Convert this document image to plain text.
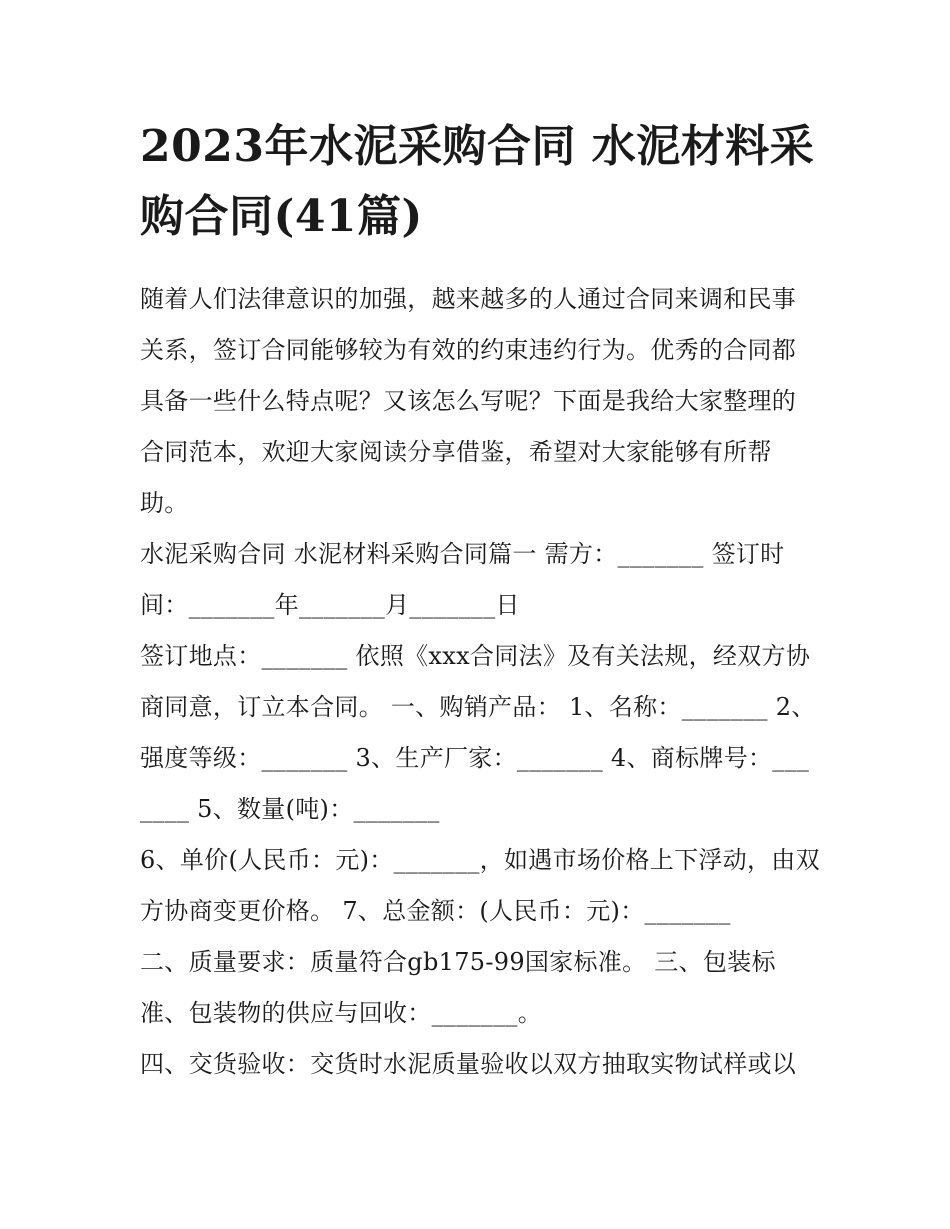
2023年水泥采购合同 水泥材料采购合同(41篇)

随着人们法律意识的加强，越来越多的人通过合同来调和民事关系，签订合同能够较为有效的约束违约行为。优秀的合同都具备一些什么特点呢？又该怎么写呢？下面是我给大家整理的合同范本，欢迎大家阅读分享借鉴，希望对大家能够有所帮助。

水泥采购合同 水泥材料采购合同篇一 需方：_______ 签订时间：_______年_______月_______日

签订地点：_______ 依照《xxx合同法》及有关法规，经双方协商同意，订立本合同。 一、购销产品： 1、名称：_______ 2、强度等级：_______ 3、生产厂家：_______ 4、商标牌号：_______ 5、数量(吨)：_______

6、单价(人民币：元)：_______，如遇市场价格上下浮动，由双方协商变更价格。 7、总金额：(人民币：元)：_______

二、质量要求：质量符合gb175-99国家标准。 三、包装标准、包装物的供应与回收：_______。

四、交货验收：交货时水泥质量验收以双方抽取实物试样或以
